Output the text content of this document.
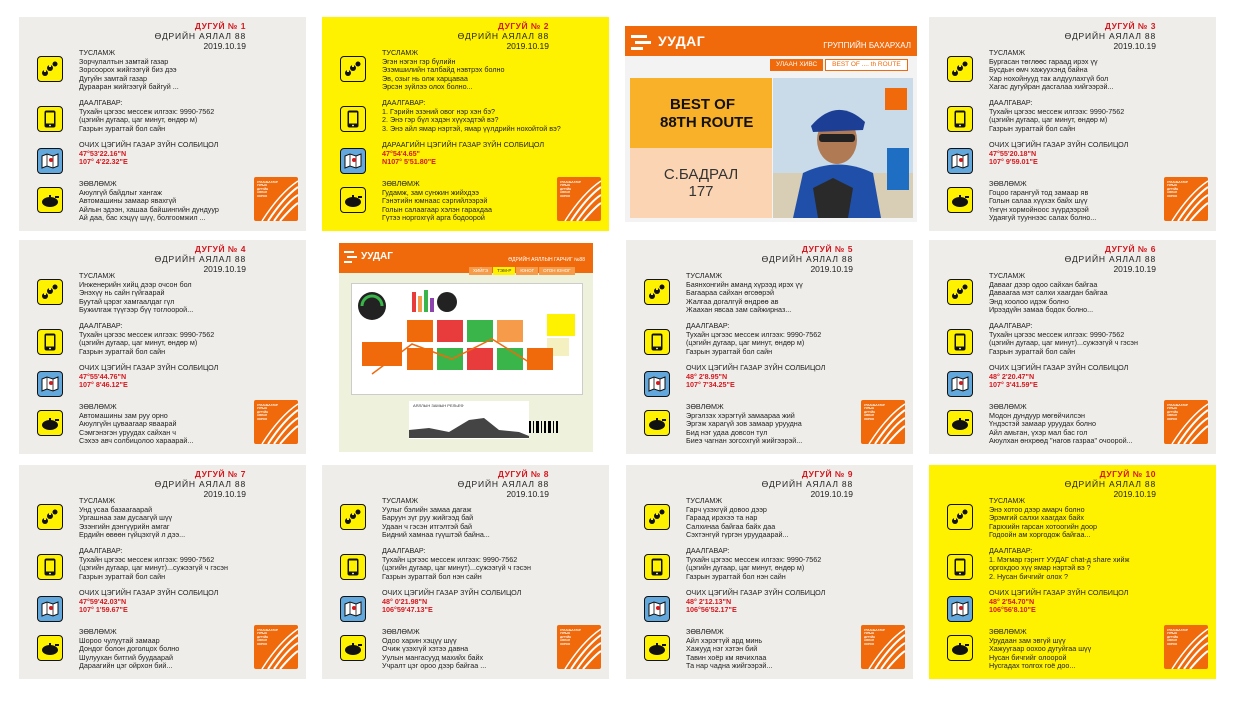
ДУГУЙ № 1
ӨДРИЙН АЯЛАЛ 88
2019.10.19
ТУСЛАМЖ
Зорчулалтын замтай газар
Зорсоорох жийгээгүй биз дээ
Дугуйн замтай газар
Дурааран жийгээгүй байгуй ...
ДААЛГАВАР:
Тухайн цэгээс мессеж илгээх: 9990-7562
(цэгийн дугаар, цаг минут, өндөр м)
Газрын зурагтай бол сайн
ОЧИХ ЦЭГИЙН ГАЗАР ЗҮЙН СОЛБИЦОЛ
47°53'22.16"N
107° 4'22.32"E
ЗӨВЛӨМЖ
Аюулгүй байдлыг хангаж
Автомашины замаар явахгүй
Айлын эдээн, хашаа байшингийн дундуур
Ай даа, бас хэцүү шүү, болгоомжил ...
УЛААНБААТАР УУЛЫН ДУГУЙН АЯЛАЛ ХОРОО
ДУГУЙ № 2
ӨДРИЙН АЯЛАЛ 88
2019.10.19
ТУСЛАМЖ
Эгэн нэгэн гэр бүлийн
Эзэмшилийн талбайд нэвтрэх болно
Эв, озыг нь олж харцаваа
Эрсэн зүйлээ олох болно...
ДААЛГАВАР:
1. Гэрийн эзэний овог нэр хэн бэ?
2. Энэ гэр бүл хэдэн хүүхэдтэй вэ?
3. Энэ айл ямар нэртэй, ямар үүлдрийн нохойтой вэ?
ДАРААГИЙН ЦЭГИЙН ГАЗАР ЗҮЙН СОЛБИЦОЛ
47°54'4.65"
N107° 5'51.80"E
ЗӨВЛӨМЖ
Гудамж, зам сунжин жийхдээ
Гэнэтийн юмнаас сэргийлээрэй
Голын салаагаар хэлэн гарахдаа
Гүтээ норгохгүй арга бодоорой
УЛААНБААТАР УУЛЫН ДУГУЙН АЯЛАЛ ХОРОО
ДУГУЙ № 3
ӨДРИЙН АЯЛАЛ 88
2019.10.19
ТУСЛАМЖ
Бургасан төглөөс гараад ирэх үү
Бусдын өмч хажуухэнд байна
Хар нохойнууд так алдуулахгүй бол
Хагас дугуйран дасгалаа хийгээрэй...
ДААЛГАВАР:
Тухайн цэгээс мессеж илгээх: 9990-7562
(цэгийн дугаар, цаг минут, өндөр м)
Газрын зурагтай бол сайн
ОЧИХ ЦЭГИЙН ГАЗАР ЗҮЙН СОЛБИЦОЛ
47°55'20.18"N
107° 9'59.01"E
ЗӨВЛӨМЖ
Гоцоо гарангуй тод замаар яв
Голын салаа хүүхэх байх шүү
Үнгүн хормойноос зүүрдээрэй
Удаягуй тууннээс салах болно...
УЛААНБААТАР УУЛЫН ДУГУЙН АЯЛАЛ ХОРОО
ДУГУЙ № 4
ӨДРИЙН АЯЛАЛ 88
2019.10.19
ТУСЛАМЖ
Инженерийн хийц дээр очсон бол
Энэхүү нь сайн гүйгаарай
Буутай цэрэг хамгаалдаг гүл
Бужилгаж түүгээр бүү тоглоорой...
ДААЛГАВАР:
Тухайн цэгээс мессеж илгээх: 9990-7562
(цэгийн дугаар, цаг минут, өндөр м)
Газрын зурагтай бол сайн
ОЧИХ ЦЭГИЙН ГАЗАР ЗҮЙН СОЛБИЦОЛ
47°55'44.76"N
107° 8'46.12"E
ЗӨВЛӨМЖ
Автомашины зам руу орно
Аюулгүйн цуваагаар яваарай
Сэмгэнэгэн уруудах сайхан ч
Сэхээ авч солбицолоо хараарай...
УЛААНБААТАР УУЛЫН ДУГУЙН АЯЛАЛ ХОРОО
ДУГУЙ № 5
ӨДРИЙН АЯЛАЛ 88
2019.10.19
ТУСЛАМЖ
Баянхонгийн аманд хүрээд ирэх үү
Багаараа сайхан өгсөөрэй
Жалгаа догалгүй өндрөө ав
Жаахан явсаа зам сайжирназ...
ДААЛГАВАР:
Тухайн цэгээс мессеж илгээх: 9990-7562
(цэгийн дугаар, цаг минут, өндөр м)
Газрын зурагтай бол сайн
ОЧИХ ЦЭГИЙН ГАЗАР ЗҮЙН СОЛБИЦОЛ
48° 2'8.95"N
107° 7'34.25"E
ЗӨВЛӨМЖ
Эргэлзэх хэрэггүй замаараа жий
Эргэж харагүй зов замаар уруудна
Бид нэг удаа довсон тул
Биеэ чагнан зогсохгүй жийгээрэй...
УЛААНБААТАР УУЛЫН ДУГУЙН АЯЛАЛ ХОРОО
ДУГУЙ № 6
ӨДРИЙН АЯЛАЛ 88
2019.10.19
ТУСЛАМЖ
Давааг дээр одоо сайхан байгаа
Даваагаа мэт салхи хаагдан байгаа
Энд хоолоо идэж болно
Ирээдүйн замаа бодох болно...
ДААЛГАВАР:
Тухайн цэгээс мессеж илгээх: 9990-7562
(цэгийн дугаар, цаг минут)...сужээгүй ч гэсэн
Газрын зурагтай бол сайн
ОЧИХ ЦЭГИЙН ГАЗАР ЗҮЙН СОЛБИЦОЛ
48° 2'20.47"N
107° 3'41.59"E
ЗӨВЛӨМЖ
Модон дундуур мөгөйчилсэн
Үндэстэй замаар уруудах болно
Айл амьтан, үхэр мал бас гол
Аюулхан өнхрөөд "нагов газраа" очоорой...
УЛААНБААТАР УУЛЫН ДУГУЙН АЯЛАЛ ХОРОО
ДУГУЙ № 7
ӨДРИЙН АЯЛАЛ 88
2019.10.19
ТУСЛАМЖ
Унд усаа базаагаарай
Ургашнаа зам дусаагүй шүү
Эзэнгийн дэнгүүрийн амгаг
Ердийн өвөөн гүйцэхгүй л дээ...
ДААЛГАВАР:
Тухайн цэгээс мессеж илгээх: 9990-7562
(цэгийн дугаар, цаг минут)...сужээгүй ч гэсэн
Газрын зурагтай бол сайн
ОЧИХ ЦЭГИЙН ГАЗАР ЗҮЙН СОЛБИЦОЛ
47°59'42.03"N
107° 1'59.67"E
ЗӨВЛӨМЖ
Шороо чулуутай замаар
Дондог болон доголцох болно
Шулуухан битгий буудаарай
Дараагийн цэг ойрхон бий...
УЛААНБААТАР УУЛЫН ДУГУЙН АЯЛАЛ ХОРОО
ДУГУЙ № 8
ӨДРИЙН АЯЛАЛ 88
2019.10.19
ТУСЛАМЖ
Уулыг бэлийн замаа дагаж
Баруун зүг руу жийгээд бай
Удаан ч гэсэн итгэлтэй бай
Бидний хамнаа гүүштэй байна...
ДААЛГАВАР:
Тухайн цэгээс мессеж илгээх: 9990-7562
(цэгийн дугаар, цаг минут)...сужээгүй ч гэсэн
Газрын зурагтай бол нэн сайн
ОЧИХ ЦЭГИЙН ГАЗАР ЗҮЙН СОЛБИЦОЛ
48° 0'21.98"N
106°59'47.13"E
ЗӨВЛӨМЖ
Одоо харин хэцүү шүү
Очиж үзэхгүй хэтээ давна
Уулын мангасууд махийх байх
Учралт цэг ороо дээр байгаа ...
УЛААНБААТАР УУЛЫН ДУГУЙН АЯЛАЛ ХОРОО
ДУГУЙ № 9
ӨДРИЙН АЯЛАЛ 88
2019.10.19
ТУСЛАМЖ
Гарч үзэхгүй довоо дээр
Гараад ирэхээ та нар
Салхинаа байгаа байх даа
Сэхтэнгүй гүргэн уруудаарай...
ДААЛГАВАР:
Тухайн цэгээс мессеж илгээх: 9990-7562
(цэгийн дугаар, цаг минут, өндөр м)
Газрын зурагтай бол нэн сайн
ОЧИХ ЦЭГИЙН ГАЗАР ЗҮЙН СОЛБИЦОЛ
48° 2'12.13"N
106°56'52.17"E
ЗӨВЛӨМЖ
Айл хэрэгтүй ард минь
Хажууд нэг хэтэн бий
Тавин хоёр км явчихлаа
Та нар чадна жийгээрэй...
УЛААНБААТАР УУЛЫН ДУГУЙН АЯЛАЛ ХОРОО
ДУГУЙ № 10
ӨДРИЙН АЯЛАЛ 88
2019.10.19
ТУСЛАМЖ
Энэ хотоо дээр амарч болно
Эрэмгий салхи хаагдах байх
Гарххийн гарсан хотоогийн доор
Годоойн ам хоргодож байгаа...
ДААЛГАВАР:
1. Мэгмар гэрнгт УУДАГ chat-д share хийж
оргохдоо хүү ямар нэртэй вэ ?
2. Нусан бичгийг олох ?
ОЧИХ ЦЭГИЙН ГАЗАР ЗҮЙН СОЛБИЦОЛ
48° 2'54.70"N
106°56'8.10"E
ЗӨВЛӨМЖ
Урудаан зам эвгүй шүү
Хажуугаар оохоо дугуйгаа шүү
Нусан бичгийг олоорой
Нусгадах толгох гоё доо...
УЛААНБААТАР УУЛЫН ДУГУЙН АЯЛАЛ ХОРОО
УУДАГ	ГРУППИЙН БАХАРХАЛ
УЛААН ХИВС	BEST OF .... th ROUTE
BEST OF
88TH ROUTE
С.БАДРАЛ
177
УУДАГ	ӨДРИЙН АЯЛЛЫН ГАРЧИГ №88
ХИЙГЭ	ТЭМ-Р	ЮНОГ	ОГОН ЮНОГ
АЯЛЛЫН ЗАМЫН РЕЛЬЕФ
